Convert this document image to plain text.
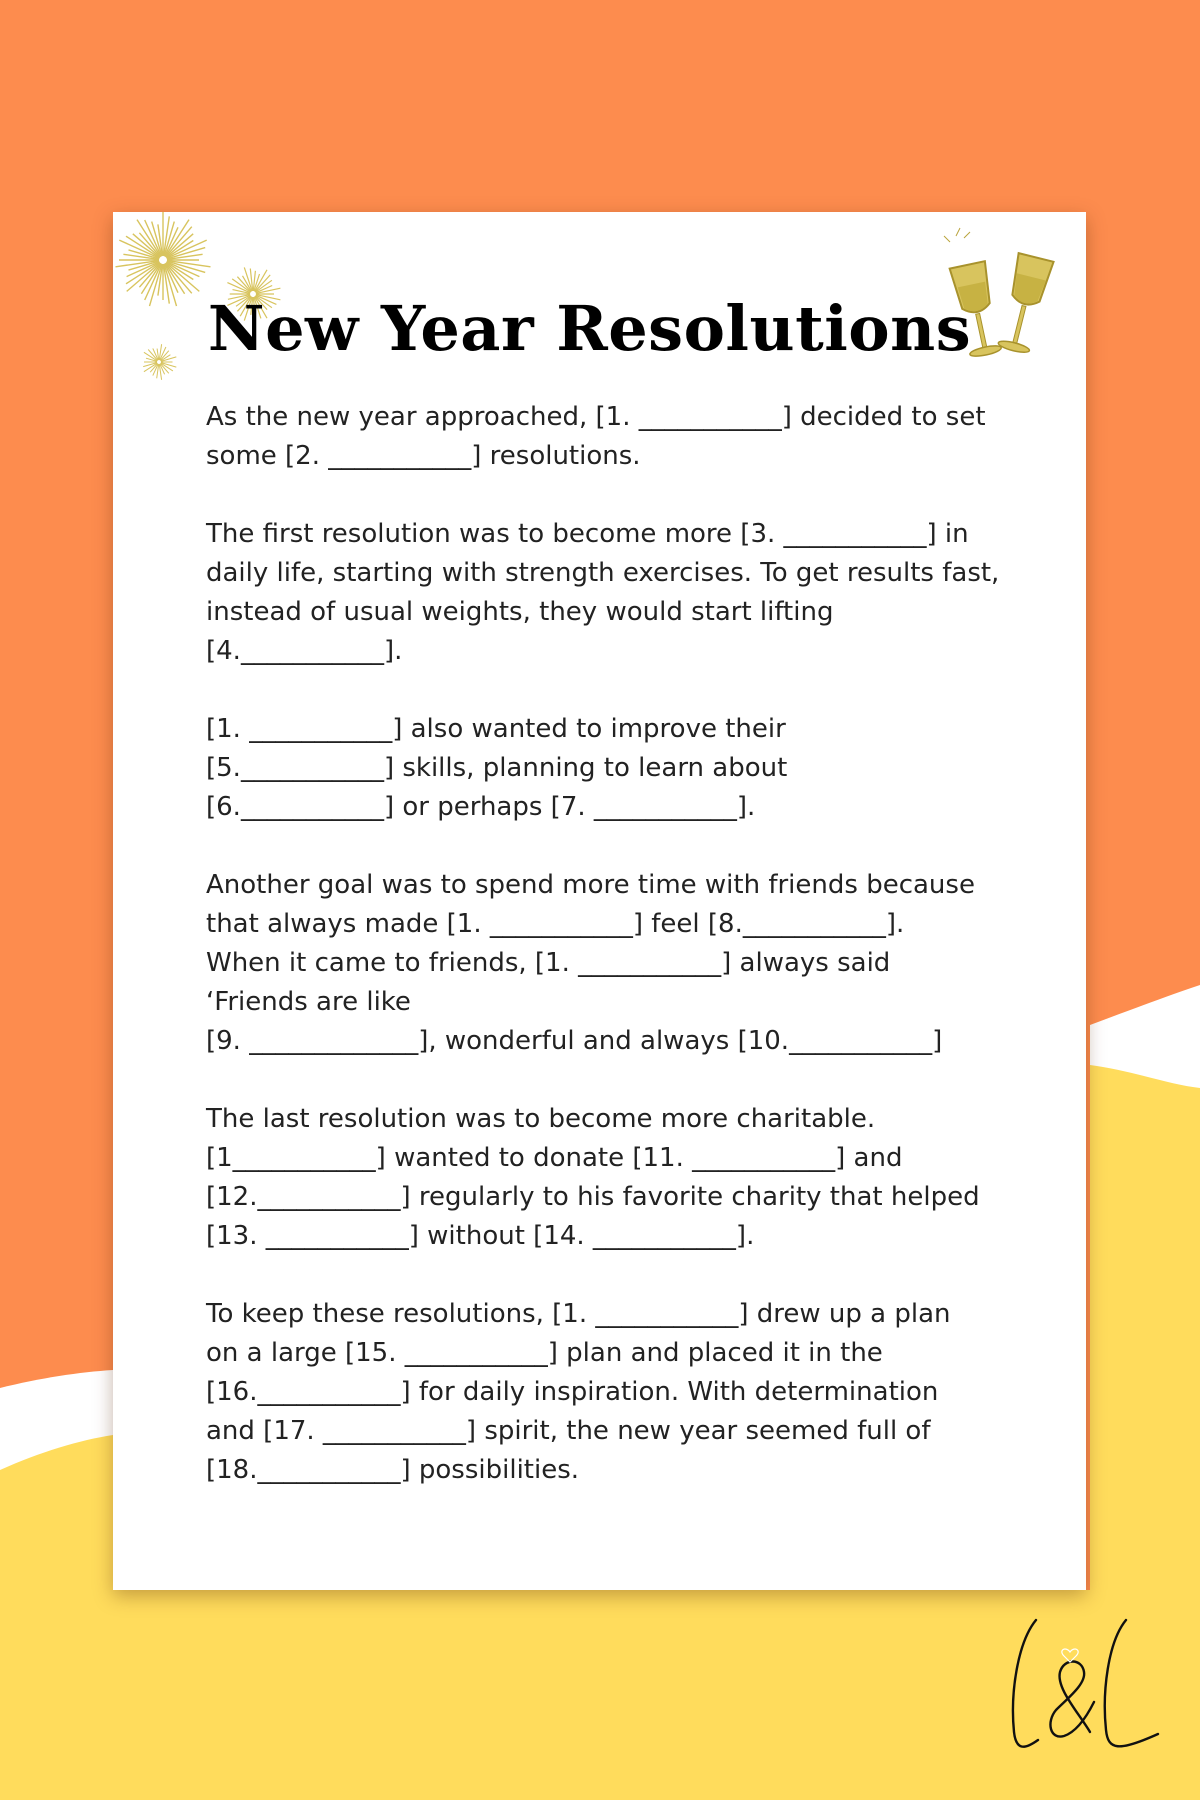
New Year Resolutions

As the new year approached, [1. ___________] decided to set
some [2. ___________] resolutions.

The first resolution was to become more [3. ___________] in
daily life, starting with strength exercises. To get results fast,
instead of usual weights, they would start lifting
[4.___________].

[1. ___________] also wanted to improve their
[5.___________] skills, planning to learn about
[6.___________] or perhaps [7. ___________].

Another goal was to spend more time with friends because
that always made [1. ___________] feel [8.___________].
When it came to friends, [1. ___________] always said
‘Friends are like
[9. _____________], wonderful and always [10.___________]

The last resolution was to become more charitable.
[1___________] wanted to donate [11. ___________] and
[12.___________] regularly to his favorite charity that helped
[13. ___________] without [14. ___________].

To keep these resolutions, [1. ___________] drew up a plan
on a large [15. ___________] plan and placed it in the
[16.___________] for daily inspiration. With determination
and [17. ___________] spirit, the new year seemed full of
[18.___________] possibilities.
